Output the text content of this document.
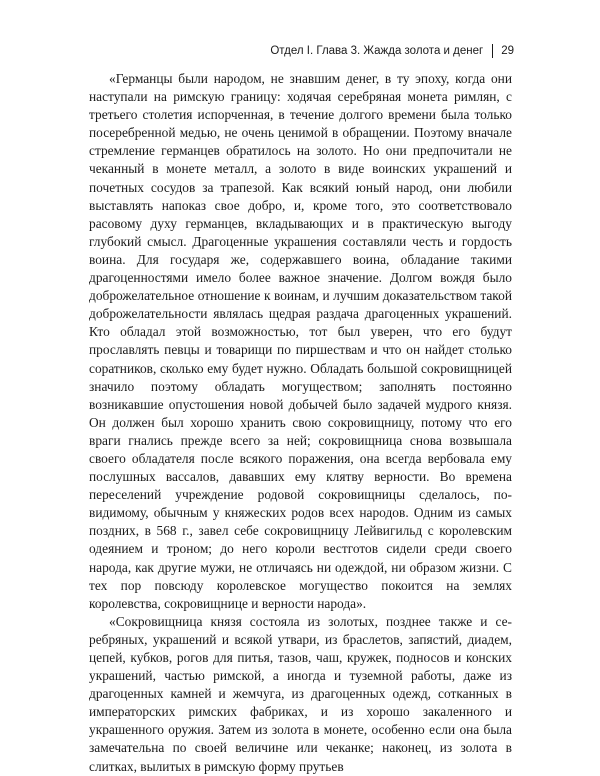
Отдел I. Глава 3. Жажда золота и денег 29

«Германцы были народом, не знавшим денег, в ту эпоху, когда они наступали на римскую границу: ходячая серебряная монета римлян, с третьего столетия испорченная, в течение долгого времени была только посеребренной медью, не очень ценимой в обращении. Поэтому вначале стремление германцев обратилось на золото. Но они предпочитали не чеканный в монете металл, а золото в виде воинских украшений и почетных сосудов за трапезой. Как всякий юный народ, они любили выставлять напоказ свое добро, и, кроме того, это соответствовало расовому духу германцев, вкладывающих и в практическую выгоду глубокий смысл. Драгоценные украшения составляли честь и гордость воина. Для государя же, содержавшего воина, обладание такими драгоценностями имело более важное значение. Долгом вождя было доброжелательное отношение к воинам, и лучшим доказательством такой доброжелательности являлась щедрая раздача драгоценных украшений. Кто обладал этой возможностью, тот был уверен, что его будут прославлять певцы и товарищи по пиршествам и что он найдет столько соратников, сколько ему будет нужно. Обладать большой сокровищницей значило поэтому обладать могуществом; заполнять постоянно возникавшие опустошения новой добычей было задачей мудрого князя. Он должен был хорошо хранить свою сокровищницу, потому что его враги гнались прежде всего за ней; сокровищница снова возвышала своего обладателя после всякого поражения, она всегда вербовала ему послушных вассалов, дававших ему клятву верности. Во времена переселений учреждение родовой сокровищницы сделалось, по-видимому, обычным у княжеских родов всех народов. Одним из самых поздних, в 568 г., завел себе сокровищницу Лейвигильд с королевским одеянием и троном; до него короли вестготов сидели среди своего народа, как другие мужи, не отличаясь ни одеждой, ни образом жизни. С тех пор повсюду королевское могущество покоится на землях королевства, сокровищнице и верности народа».

«Сокровищница князя состояла из золотых, позднее также и серебряных, украшений и всякой утвари, из браслетов, запястий, диадем, цепей, кубков, рогов для питья, тазов, чаш, кружек, подносов и конских украшений, частью римской, а иногда и туземной работы, даже из драгоценных камней и жемчуга, из драгоценных одежд, сотканных в императорских римских фабриках, и из хорошо закаленного и украшенного оружия. Затем из золота в монете, особенно если она была замечательна по своей величине или чеканке; наконец, из золота в слитках, вылитых в римскую форму прутьев
